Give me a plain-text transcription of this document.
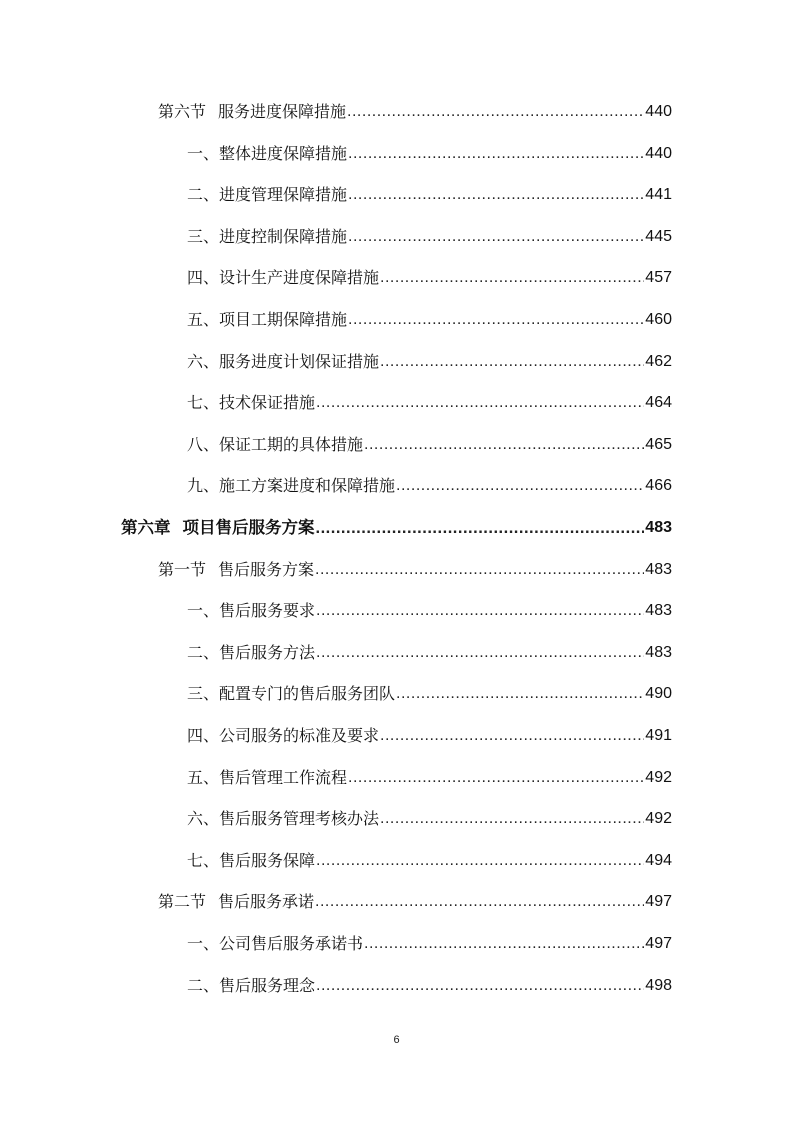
第六节 服务进度保障措施 .....	440
一、整体进度保障措施 .....	440
二、进度管理保障措施 .....	441
三、进度控制保障措施 .....	445
四、设计生产进度保障措施 .....	457
五、项目工期保障措施 .....	460
六、服务进度计划保证措施 .....	462
七、技术保证措施 .....	464
八、保证工期的具体措施 .....	465
九、施工方案进度和保障措施 .....	466
第六章 项目售后服务方案 .....	483
第一节 售后服务方案 .....	483
一、售后服务要求 .....	483
二、售后服务方法 .....	483
三、配置专门的售后服务团队 .....	490
四、公司服务的标准及要求 .....	491
五、售后管理工作流程 .....	492
六、售后服务管理考核办法 .....	492
七、售后服务保障 .....	494
第二节 售后服务承诺 .....	497
一、公司售后服务承诺书 .....	497
二、售后服务理念 .....	498
6
